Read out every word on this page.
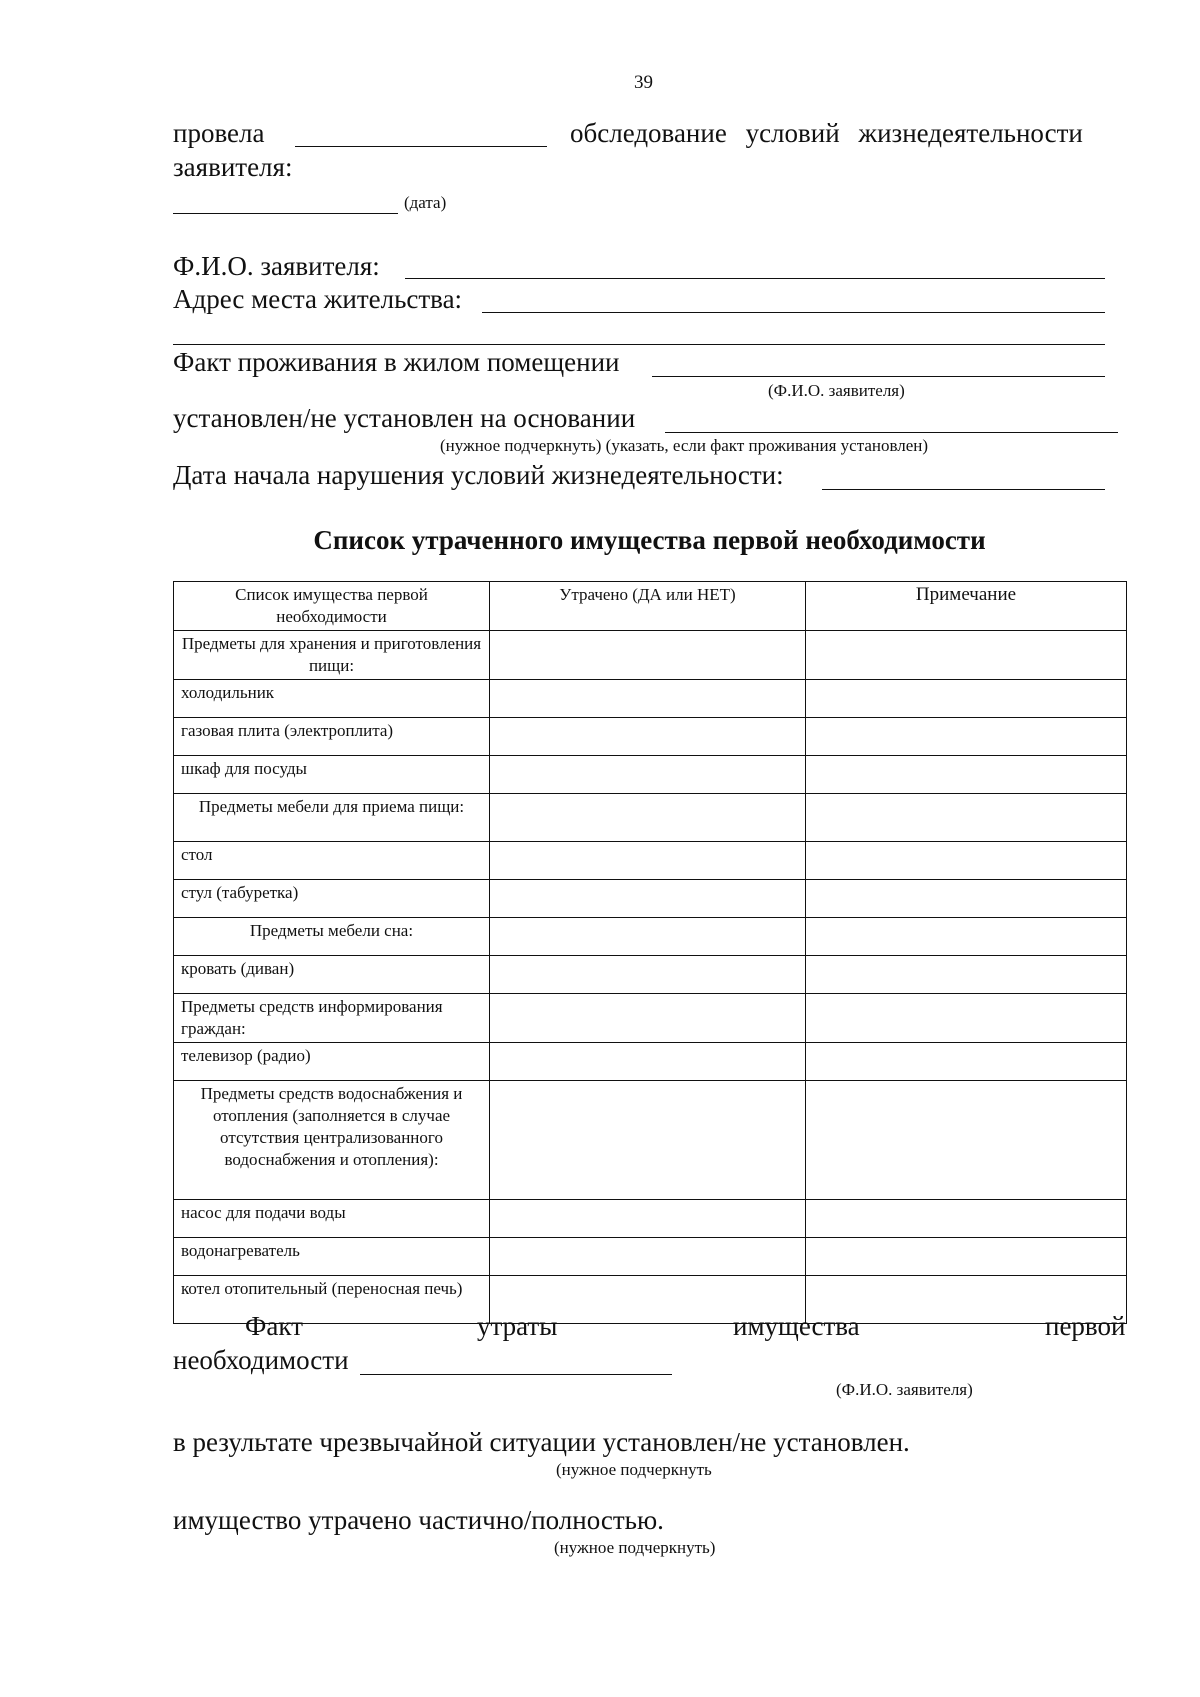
39
провела	обследование условий жизнедеятельности
заявителя:
(дата)
Ф.И.О. заявителя:
Адрес места жительства:
Факт проживания в жилом помещении
(Ф.И.О. заявителя)
установлен/не установлен на основании
(нужное подчеркнуть) (указать, если факт проживания установлен)
Дата начала нарушения условий жизнедеятельности:
Список утраченного имущества первой необходимости
Список имущества первой необходимости	Утрачено (ДА или НЕТ)	Примечание
Предметы для хранения и приготовления пищи:		
холодильник		
газовая плита (электроплита)		
шкаф для посуды		
Предметы мебели для приема пищи:		
стол		
стул (табуретка)		
Предметы мебели сна:		
кровать (диван)		
Предметы средств информирования граждан:		
телевизор (радио)		
Предметы средств водоснабжения и отопления (заполняется в случае отсутствия централизованного водоснабжения и отопления):		
насос для подачи воды		
водонагреватель		
котел отопительный (переносная печь)		
Факт	утраты	имущества	первой
необходимости
(Ф.И.О. заявителя)
в результате чрезвычайной ситуации установлен/не установлен.
(нужное подчеркнуть
имущество утрачено частично/полностью.
(нужное подчеркнуть)
